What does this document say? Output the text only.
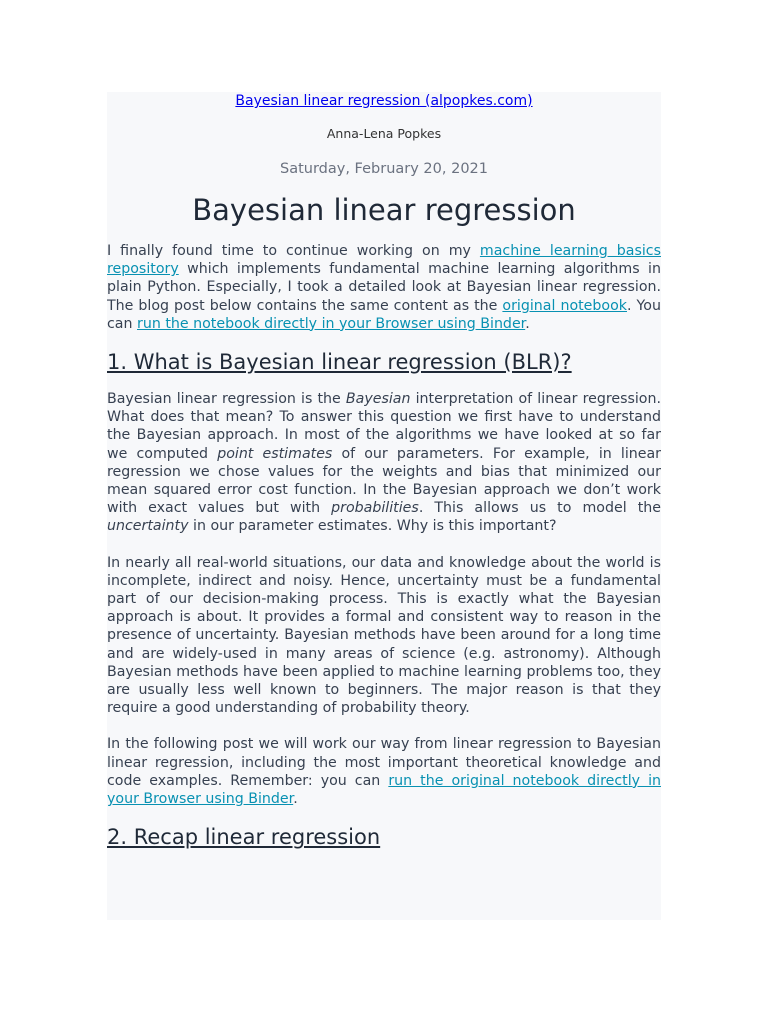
Bayesian linear regression (alpopkes.com)
Anna-Lena Popkes
Saturday, February 20, 2021
Bayesian linear regression

I finally found time to continue working on my machine learning basics repository which implements fundamental machine learning algorithms in plain Python. Especially, I took a detailed look at Bayesian linear regression. The blog post below contains the same content as the original notebook. You can run the notebook directly in your Browser using Binder.

1. What is Bayesian linear regression (BLR)?

Bayesian linear regression is the Bayesian interpretation of linear regression. What does that mean? To answer this question we first have to understand the Bayesian approach. In most of the algorithms we have looked at so far we computed point estimates of our parameters. For example, in linear regression we chose values for the weights and bias that minimized our mean squared error cost function. In the Bayesian approach we don’t work with exact values but with probabilities. This allows us to model the uncertainty in our parameter estimates. Why is this important?

In nearly all real-world situations, our data and knowledge about the world is incomplete, indirect and noisy. Hence, uncertainty must be a fundamental part of our decision-making process. This is exactly what the Bayesian approach is about. It provides a formal and consistent way to reason in the presence of uncertainty. Bayesian methods have been around for a long time and are widely-used in many areas of science (e.g. astronomy). Although Bayesian methods have been applied to machine learning problems too, they are usually less well known to beginners. The major reason is that they require a good understanding of probability theory.

In the following post we will work our way from linear regression to Bayesian linear regression, including the most important theoretical knowledge and code examples. Remember: you can run the original notebook directly in your Browser using Binder.

2. Recap linear regression
